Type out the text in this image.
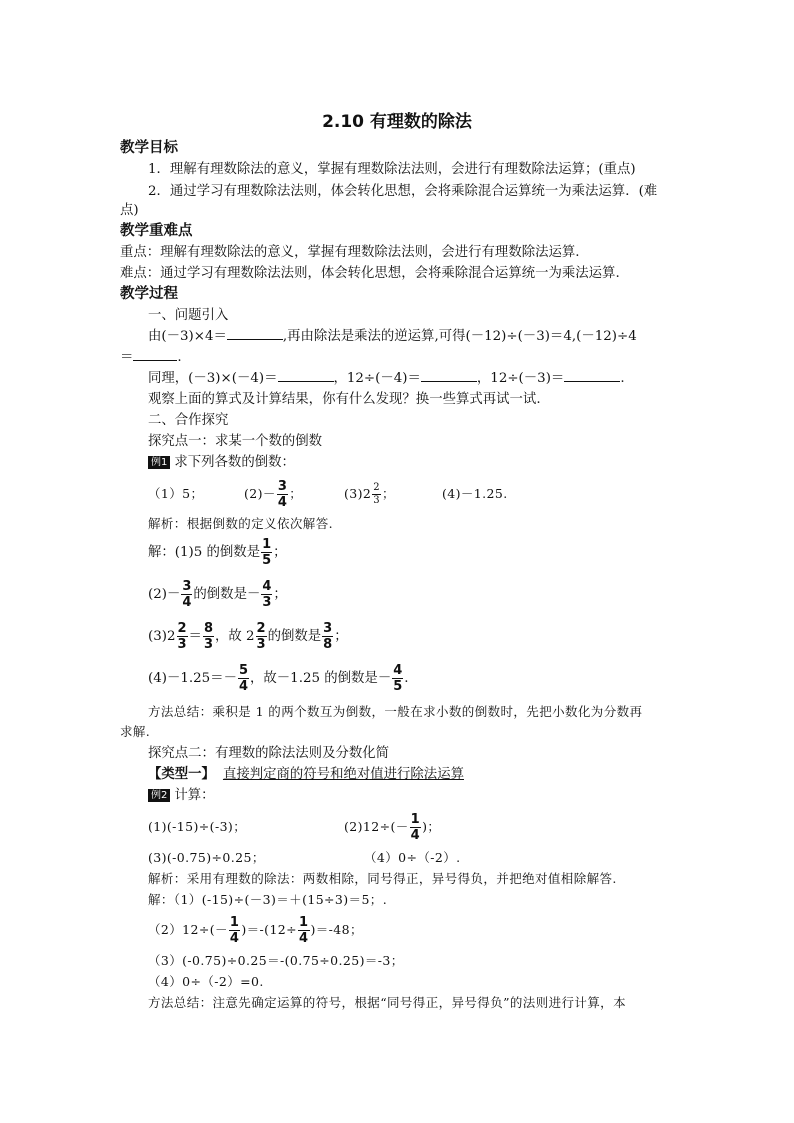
2.10 有理数的除法
教学目标
1．理解有理数除法的意义，掌握有理数除法法则，会进行有理数除法运算；(重点)
2．通过学习有理数除法法则，体会转化思想，会将乘除混合运算统一为乘法运算．(难
点)
教学重难点
重点：理解有理数除法的意义，掌握有理数除法法则，会进行有理数除法运算.
难点：通过学习有理数除法法则，体会转化思想，会将乘除混合运算统一为乘法运算.
教学过程
一、问题引入
由(－3)×4＝	,再由除法是乘法的逆运算,可得(－12)÷(－3)＝4,(－12)÷4
＝	.
同理，(－3)×(－4)＝	，12÷(－4)＝	，12÷(－3)＝	.
观察上面的算式及计算结果，你有什么发现？换一些算式再试一试.
二、合作探究
探究点一：求某一个数的倒数
例1 求下列各数的倒数：
（1）5；	$(2)- \frac{3}{4}$ ；	$(3)2 \frac{2}{3}$ ；	(4)－1.25.
解析：根据倒数的定义依次解答.
解：(1)5 的倒数是 $\frac{1}{5}$ ；
$(2)- \frac{3}{4}$ 的倒数是－ $\frac{4}{3}$ ；
$(3)2 \frac{2}{3} = \frac{8}{3}$ ，故 $2 \frac{2}{3}$ 的倒数是 $\frac{3}{8}$ ；
$(4)-1.25=- \frac{5}{4}$ ，故－1.25 的倒数是－ $\frac{4}{5}$ .
方法总结：乘积是 1 的两个数互为倒数，一般在求小数的倒数时，先把小数化为分数再
求解.
探究点二：有理数的除法法则及分数化简
【类型一】 直接判定商的符号和绝对值进行除法运算
例2 计算：
(1)(-15)÷(-3)；	$(2)12\div(- \frac{1}{4}$ )；
(3)(-0.75)÷0.25；	（4）0÷（-2）.
解析：采用有理数的除法：两数相除，同号得正，异号得负，并把绝对值相除解答.
解：（1）(-15)÷(－3)＝＋(15÷3)＝5；.
$(2)12\div(- \frac{1}{4} )=-(12\div \frac{1}{4} )=-48$；
（3）(-0.75)÷0.25＝-(0.75÷0.25)＝-3；
（4）0÷（-2）=0.
方法总结：注意先确定运算的符号，根据“同号得正，异号得负”的法则进行计算，本
